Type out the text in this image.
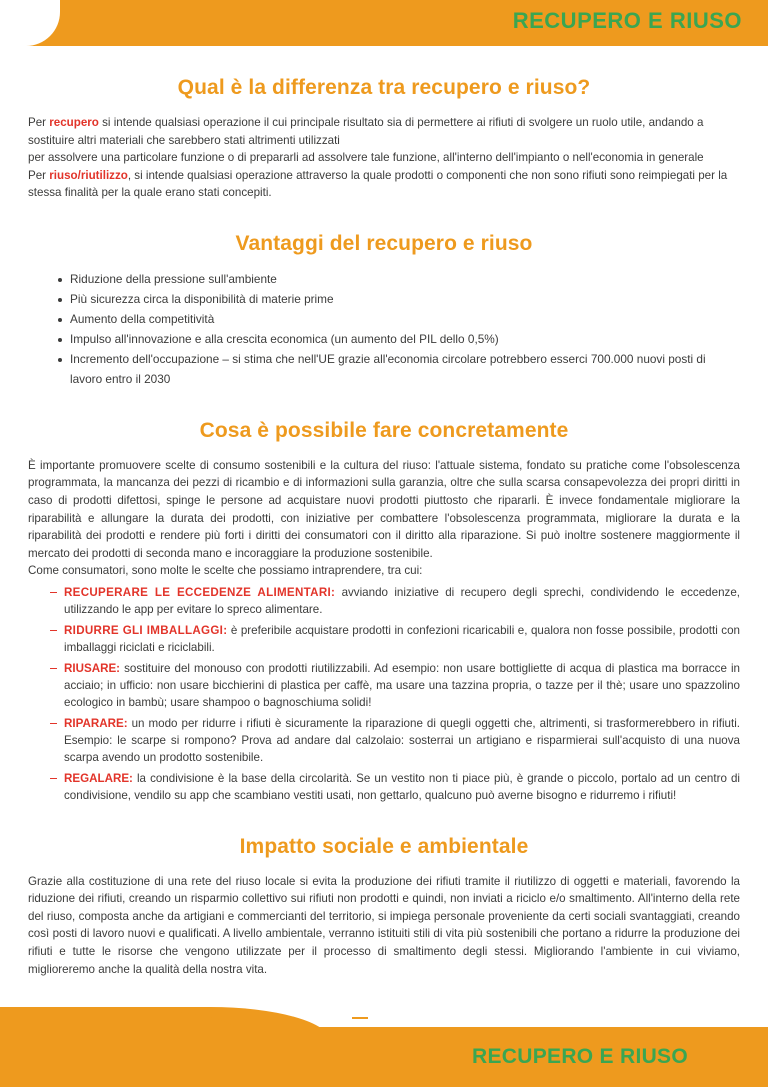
RECUPERO E RIUSO
Qual è la differenza tra recupero e riuso?

Per recupero si intende qualsiasi operazione il cui principale risultato sia di permettere ai rifiuti di svolgere un ruolo utile, andando a sostituire altri materiali che sarebbero stati altrimenti utilizzati

per assolvere una particolare funzione o di prepararli ad assolvere tale funzione, all'interno dell'impianto o nell'economia in generale

Per riuso/riutilizzo, si intende qualsiasi operazione attraverso la quale prodotti o componenti che non sono rifiuti sono reimpiegati per la stessa finalità per la quale erano stati concepiti.

Vantaggi del recupero e riuso
Riduzione della pressione sull'ambiente
Più sicurezza circa la disponibilità di materie prime
Aumento della competitività
Impulso all'innovazione e alla crescita economica (un aumento del PIL dello 0,5%)
Incremento dell'occupazione – si stima che nell'UE grazie all'economia circolare potrebbero esserci 700.000 nuovi posti di lavoro entro il 2030
Cosa è possibile fare concretamente

È importante promuovere scelte di consumo sostenibili e la cultura del riuso: l'attuale sistema, fondato su pratiche come l'obsolescenza programmata, la mancanza dei pezzi di ricambio e di informazioni sulla garanzia, oltre che sulla scarsa consapevolezza dei propri diritti in caso di prodotti difettosi, spinge le persone ad acquistare nuovi prodotti piuttosto che ripararli. È invece fondamentale migliorare la riparabilità e allungare la durata dei prodotti, con iniziative per combattere l'obsolescenza programmata, migliorare la durata e la riparabilità dei prodotti e rendere più forti i diritti dei consumatori con il diritto alla riparazione. Si può inoltre sostenere maggiormente il mercato dei prodotti di seconda mano e incoraggiare la produzione sostenibile.

Come consumatori, sono molte le scelte che possiamo intraprendere, tra cui:

RECUPERARE LE ECCEDENZE ALIMENTARI: avviando iniziative di recupero degli sprechi, condividendo le eccedenze, utilizzando le app per evitare lo spreco alimentare.
RIDURRE GLI IMBALLAGGI: è preferibile acquistare prodotti in confezioni ricaricabili e, qualora non fosse possibile, prodotti con imballaggi riciclati e riciclabili.
RIUSARE: sostituire del monouso con prodotti riutilizzabili. Ad esempio: non usare bottigliette di acqua di plastica ma borracce in acciaio; in ufficio: non usare bicchierini di plastica per caffè, ma usare una tazzina propria, o tazze per il thè; usare uno spazzolino ecologico in bambù; usare shampoo o bagnoschiuma solidi!
RIPARARE: un modo per ridurre i rifiuti è sicuramente la riparazione di quegli oggetti che, altrimenti, si trasformerebbero in rifiuti. Esempio: le scarpe si rompono? Prova ad andare dal calzolaio: sosterrai un artigiano e risparmierai sull'acquisto di una nuova scarpa avendo un prodotto sostenibile.
REGALARE: la condivisione è la base della circolarità. Se un vestito non ti piace più, è grande o piccolo, portalo ad un centro di condivisione, vendilo su app che scambiano vestiti usati, non gettarlo, qualcuno può averne bisogno e ridurremo i rifiuti!
Impatto sociale e ambientale

Grazie alla costituzione di una rete del riuso locale si evita la produzione dei rifiuti tramite il riutilizzo di oggetti e materiali, favorendo la riduzione dei rifiuti, creando un risparmio collettivo sui rifiuti non prodotti e quindi, non inviati a riciclo e/o smaltimento. All'interno della rete del riuso, composta anche da artigiani e commercianti del territorio, si impiega personale proveniente da certi sociali svantaggiati, creando così posti di lavoro nuovi e qualificati. A livello ambientale, verranno istituiti stili di vita più sostenibili che portano a ridurre la produzione dei rifiuti e tutte le risorse che vengono utilizzate per il processo di smaltimento degli stessi. Migliorando l'ambiente in cui viviamo, miglioreremo anche la qualità della nostra vita.

RECUPERO E RIUSO
